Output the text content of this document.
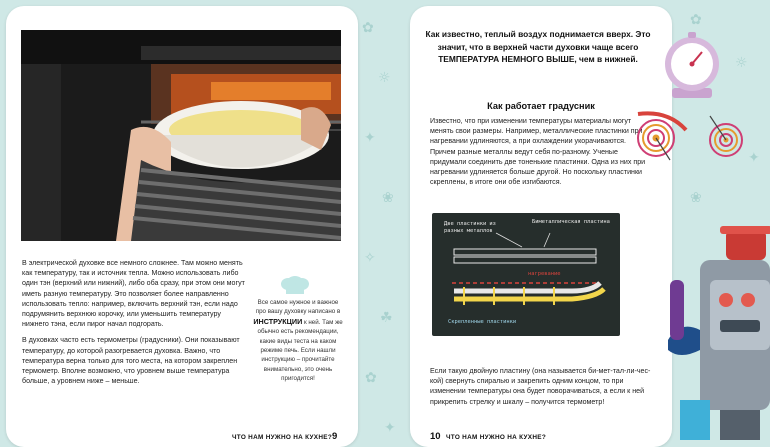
✿
☼
✦
❀
✧
☘
✿
✦
✿
☼
✦
❀

В электрической духовке все немного сложнее. Там можно менять как температуру, так и источник тепла. Можно использовать либо один тэн (верхний или нижний), либо оба сразу, при этом они могут иметь разную температуру. Это позволяет более направленно использовать тепло: например, включить верхний тэн, если надо подрумянить верхнюю корочку, или уменьшить температуру нижнего тэна, если пирог начал подгорать.

В духовках часто есть термометры (градусники). Они показывают температуру, до которой разогревается духовка. Важно, что температура верна только для того места, на котором закреплен термометр. Вполне возможно, что уровнем выше температура больше, а уровнем ниже – меньше.

Все самое нужное и важное про вашу духовку написано в ИНСТРУКЦИИ к ней. Там же обычно есть рекомендации, какие виды теста на каком режиме печь. Если нашли инструкцию – прочитайте внимательно, это очень пригодится!
ЧТО НАМ НУЖНО НА КУХНЕ? 9
Как известно, теплый воздух поднимается вверх. Это значит, что в верхней части духовки чаще всего ТЕМПЕРАТУРА НЕМНОГО ВЫШЕ, чем в нижней.
Как работает градусник

Известно, что при изменении температуры материалы могут менять свои размеры. Например, металлические пластинки при нагревании удлиняются, а при охлаждении укорачиваются. Причем разные металлы ведут себя по-разному. Ученые придумали соединить две тоненькие пластинки. Одна из них при нагревании удлиняется больше другой. Но поскольку пластинки скреплены, в итоге они обе изгибаются.

Две пластинки из разных металлов
Биметаллическая пластина
нагревание
Скрепленные пластинки

Если такую двойную пластину (она называется би-мет-тал-ли-чес-кой) свернуть спиралью и закрепить одним концом, то при изменении температуры она будет поворачиваться, а если к ней прикрепить стрелку и шкалу – получится термометр!

10 ЧТО НАМ НУЖНО НА КУХНЕ?
